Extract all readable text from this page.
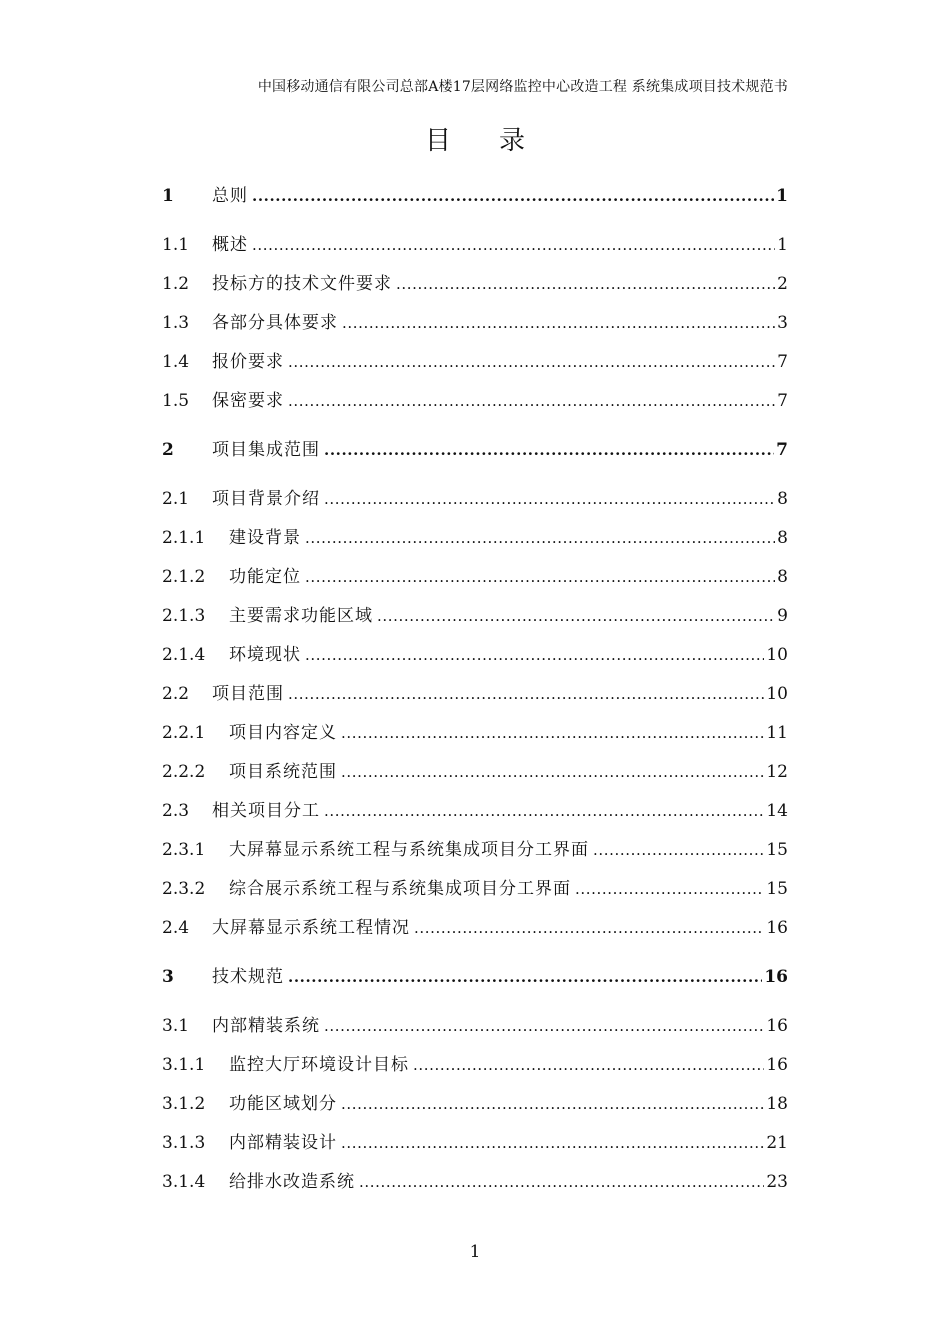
中国移动通信有限公司总部A楼17层网络监控中心改造工程 系统集成项目技术规范书
目 录
1	总则 .....	1
1.1	概述 .....	1
1.2	投标方的技术文件要求 .....	2
1.3	各部分具体要求 .....	3
1.4	报价要求 .....	7
1.5	保密要求 .....	7
2	项目集成范围 .....	7
2.1	项目背景介绍 .....	8
2.1.1	建设背景 .....	8
2.1.2	功能定位 .....	8
2.1.3	主要需求功能区域 .....	9
2.1.4	环境现状 .....	10
2.2	项目范围 .....	10
2.2.1	项目内容定义 .....	11
2.2.2	项目系统范围 .....	12
2.3	相关项目分工 .....	14
2.3.1	大屏幕显示系统工程与系统集成项目分工界面 .....	15
2.3.2	综合展示系统工程与系统集成项目分工界面 .....	15
2.4	大屏幕显示系统工程情况 .....	16
3	技术规范 .....	16
3.1	内部精装系统 .....	16
3.1.1	监控大厅环境设计目标 .....	16
3.1.2	功能区域划分 .....	18
3.1.3	内部精装设计 .....	21
3.1.4	给排水改造系统 .....	23
1
